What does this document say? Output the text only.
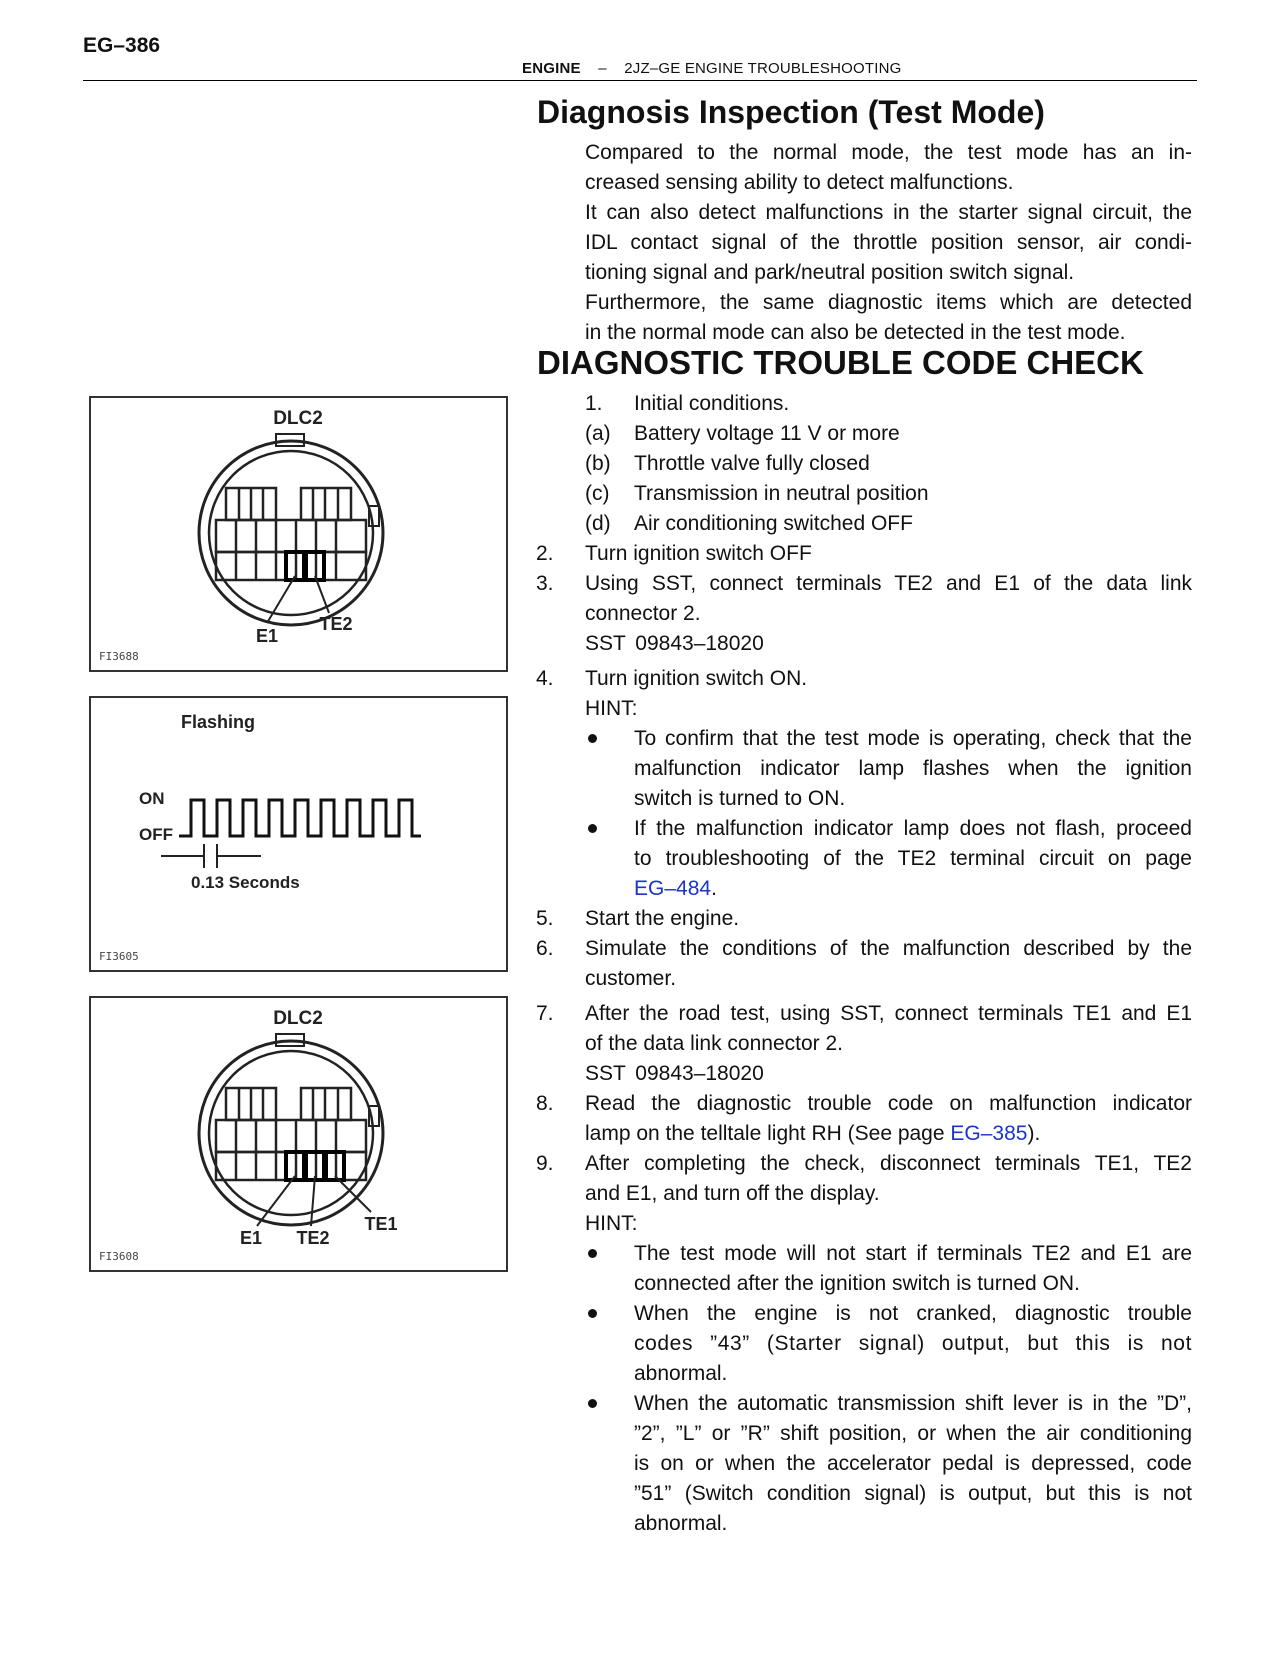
EG–386
ENGINE – 2JZ–GE ENGINE TROUBLESHOOTING
Diagnosis Inspection (Test Mode)
Compared to the normal mode, the test mode has an in-
creased sensing ability to detect malfunctions.
It can also detect malfunctions in the starter signal circuit, the
IDL contact signal of the throttle position sensor, air condi-
tioning signal and park/neutral position switch signal.
Furthermore, the same diagnostic items which are detected
in the normal mode can also be detected in the test mode.
DIAGNOSTIC TROUBLE CODE CHECK
1. Initial conditions.
(a) Battery voltage 11 V or more
(b) Throttle valve fully closed
(c) Transmission in neutral position
(d) Air conditioning switched OFF
2. Turn ignition switch OFF
3. Using SST, connect terminals TE2 and E1 of the data link
connector 2.
SST 09843–18020
4. Turn ignition switch ON.
HINT:
To confirm that the test mode is operating, check that the
malfunction indicator lamp flashes when the ignition
switch is turned to ON.
If the malfunction indicator lamp does not flash, proceed
to troubleshooting of the TE2 terminal circuit on page
EG–484.
5. Start the engine.
6. Simulate the conditions of the malfunction described by the
customer.
7. After the road test, using SST, connect terminals TE1 and E1
of the data link connector 2.
SST 09843–18020
8. Read the diagnostic trouble code on malfunction indicator
lamp on the telltale light RH (See page EG–385).
9. After completing the check, disconnect terminals TE1, TE2
and E1, and turn off the display.
HINT:
The test mode will not start if terminals TE2 and E1 are
connected after the ignition switch is turned ON.
When the engine is not cranked, diagnostic trouble
codes ”43” (Starter signal) output, but this is not
abnormal.
When the automatic transmission shift lever is in the ”D”,
”2”, ”L” or ”R” shift position, or when the air conditioning
is on or when the accelerator pedal is depressed, code
”51” (Switch condition signal) is output, but this is not
abnormal.
DLC2
E1
TE2
FI3688
Flashing
ON
OFF
0.13 Seconds
FI3605
DLC2
E1 TE2
TE1
FI3608
